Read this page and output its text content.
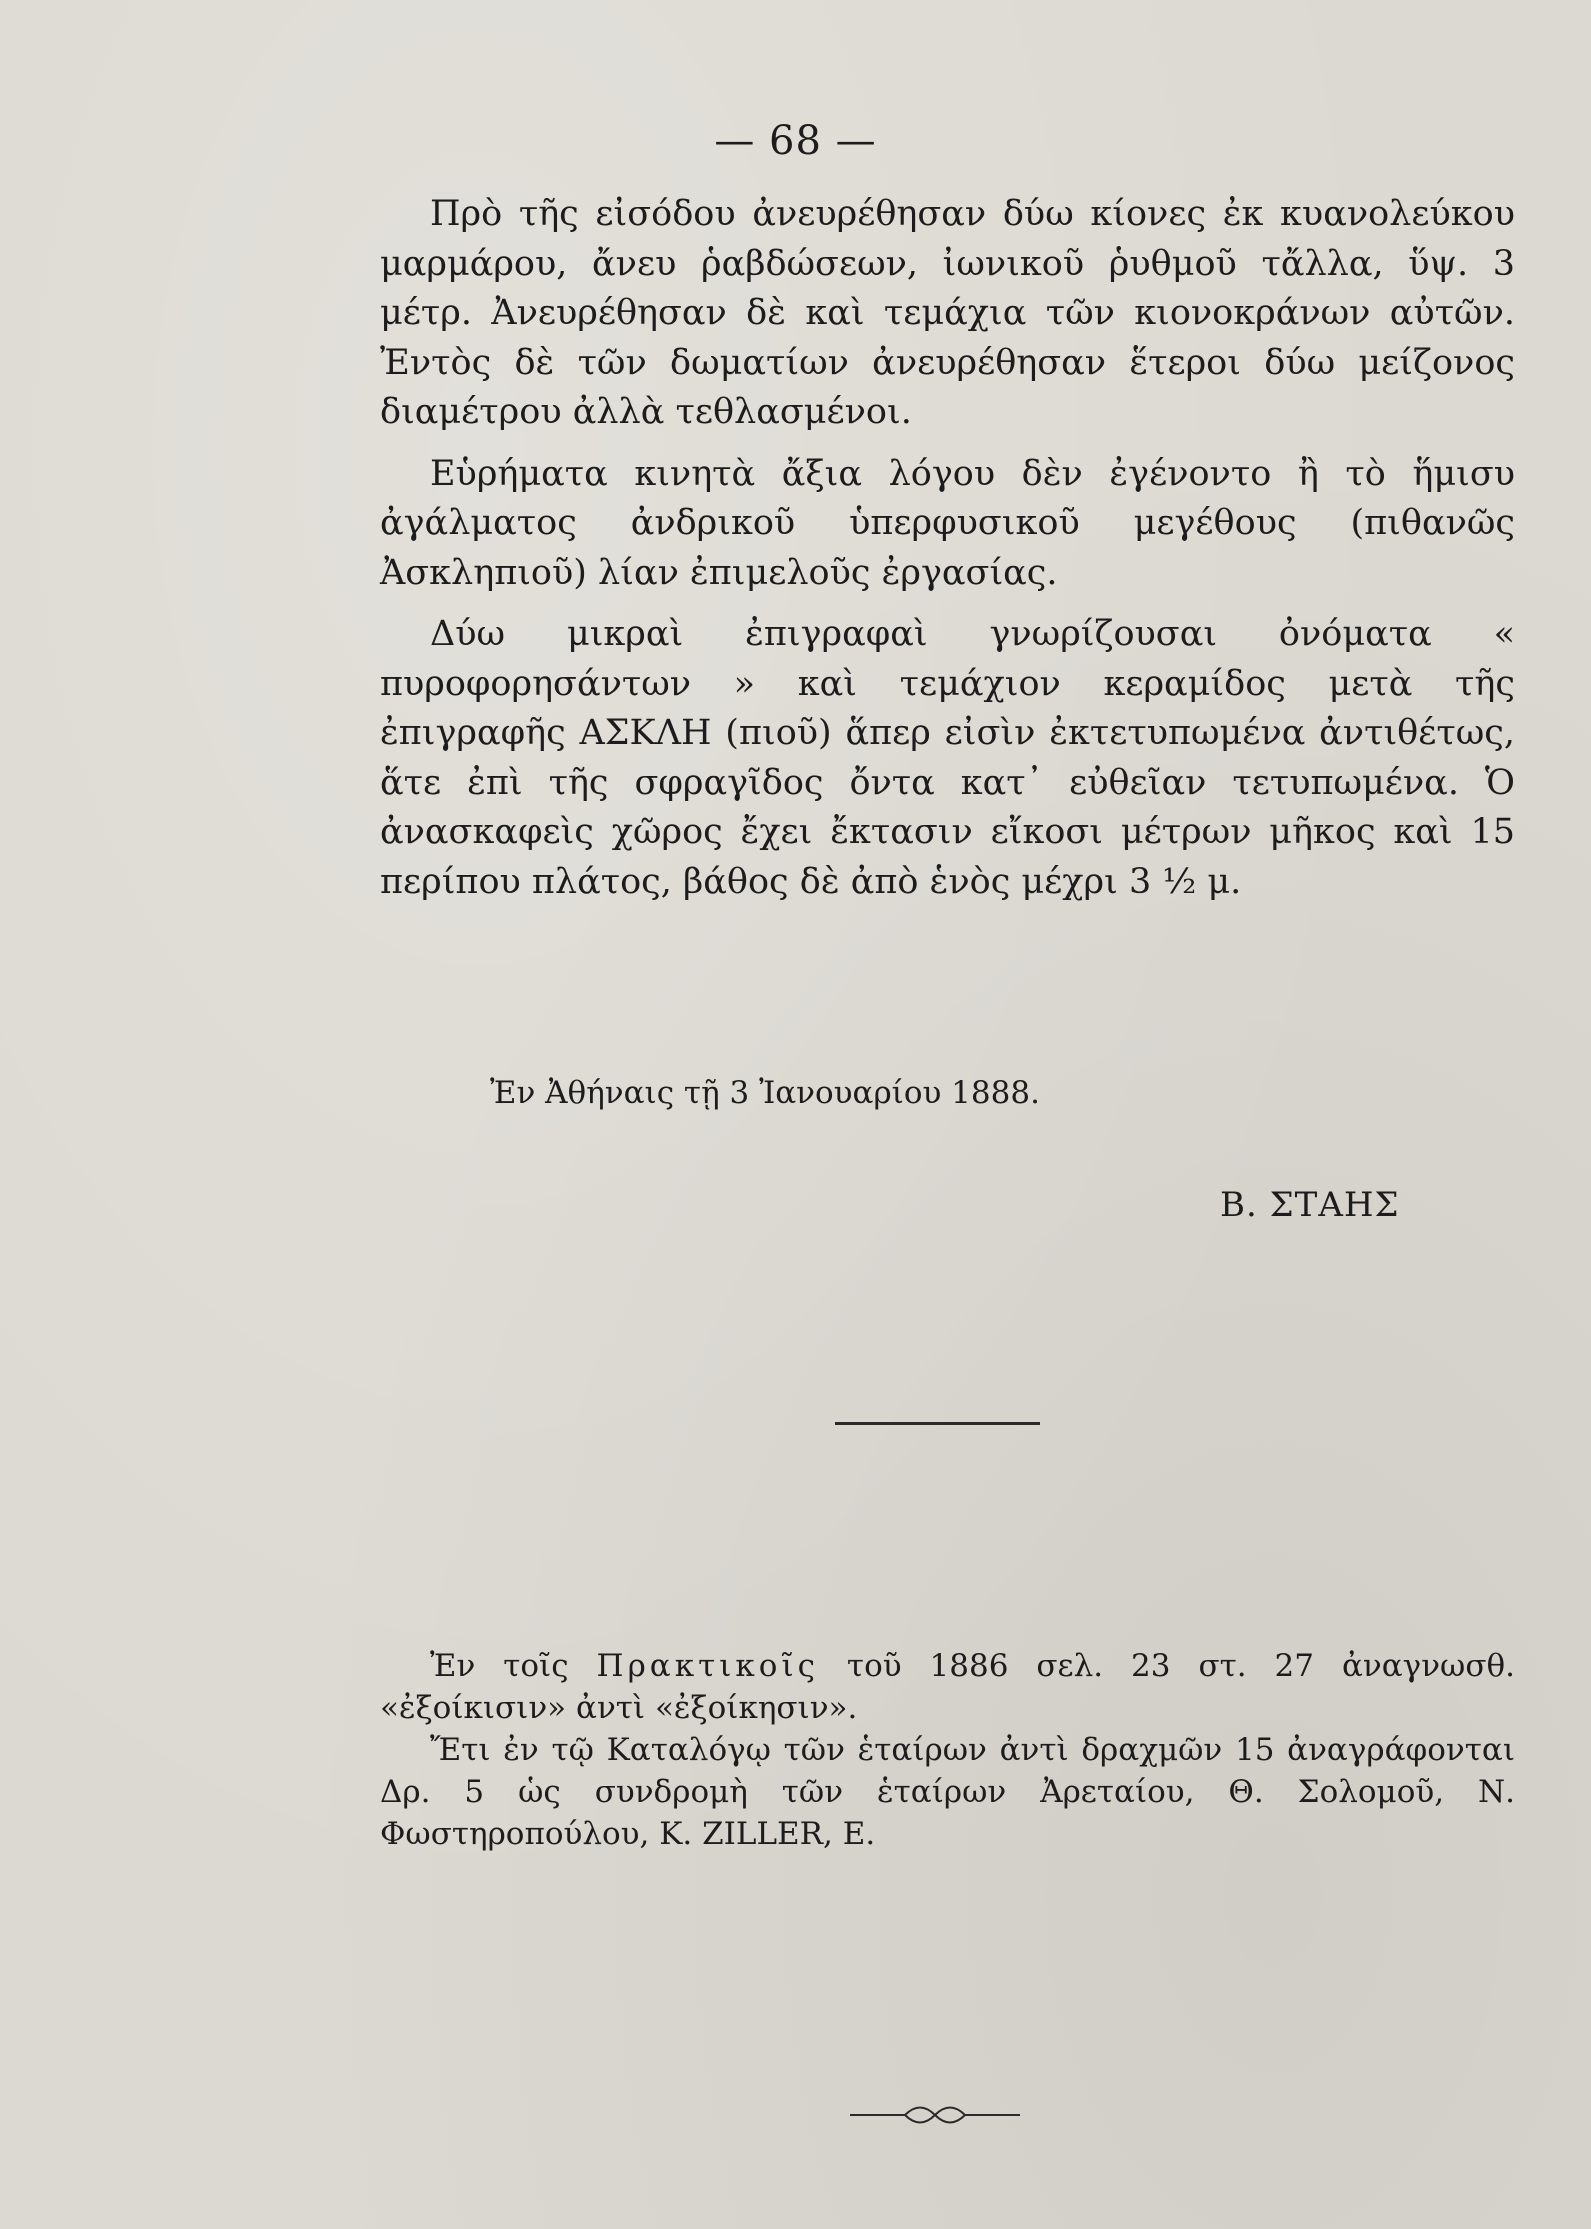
— 68 —

Πρὸ τῆς εἰσόδου ἀνευρέθησαν δύω κίονες ἐκ κυανολεύκου μαρμάρου, ἄνευ ῥαβδώσεων, ἰωνικοῦ ῥυθμοῦ τἄλλα, ὕψ. 3 μέτρ. Ἀνευρέθησαν δὲ καὶ τεμάχια τῶν κιονοκράνων αὐτῶν. Ἐντὸς δὲ τῶν δωματίων ἀνευρέθησαν ἕτεροι δύω μείζονος διαμέτρου ἀλλὰ τεθλασμένοι.

Εὑρήματα κινητὰ ἄξια λόγου δὲν ἐγένοντο ἢ τὸ ἥμισυ ἀγάλματος ἀνδρικοῦ ὑπερφυσικοῦ μεγέθους (πιθανῶς Ἀσκληπιοῦ) λίαν ἐπιμελοῦς ἐργασίας.

Δύω μικραὶ ἐπιγραφαὶ γνωρίζουσαι ὀνόματα « πυροφορησάντων » καὶ τεμάχιον κεραμίδος μετὰ τῆς ἐπιγραφῆς ΑΣΚΛΗ (πιοῦ) ἅπερ εἰσὶν ἐκτετυπωμένα ἀντιθέτως, ἅτε ἐπὶ τῆς σφραγῖδος ὄντα κατ᾽ εὐθεῖαν τετυπωμένα. Ὁ ἀνασκαφεὶς χῶρος ἔχει ἔκτασιν εἴκοσι μέτρων μῆκος καὶ 15 περίπου πλάτος, βάθος δὲ ἀπὸ ἑνὸς μέχρι 3 ½ μ.

Ἐν Ἀθήναις τῇ 3 Ἰανουαρίου 1888.
Β. ΣΤΑΗΣ

Ἐν τοῖς Πρακτικοῖς τοῦ 1886 σελ. 23 στ. 27 ἀναγνωσθ. «ἐξοίκισιν» ἀντὶ «ἐξοίκησιν».

Ἔτι ἐν τῷ Καταλόγῳ τῶν ἑταίρων ἀντὶ δραχμῶν 15 ἀναγράφονται Δρ. 5 ὡς συνδρομὴ τῶν ἑταίρων Ἀρεταίου, Θ. Σολομοῦ, Ν. Φωστηροπούλου, Κ. ZILLER, Ε.
